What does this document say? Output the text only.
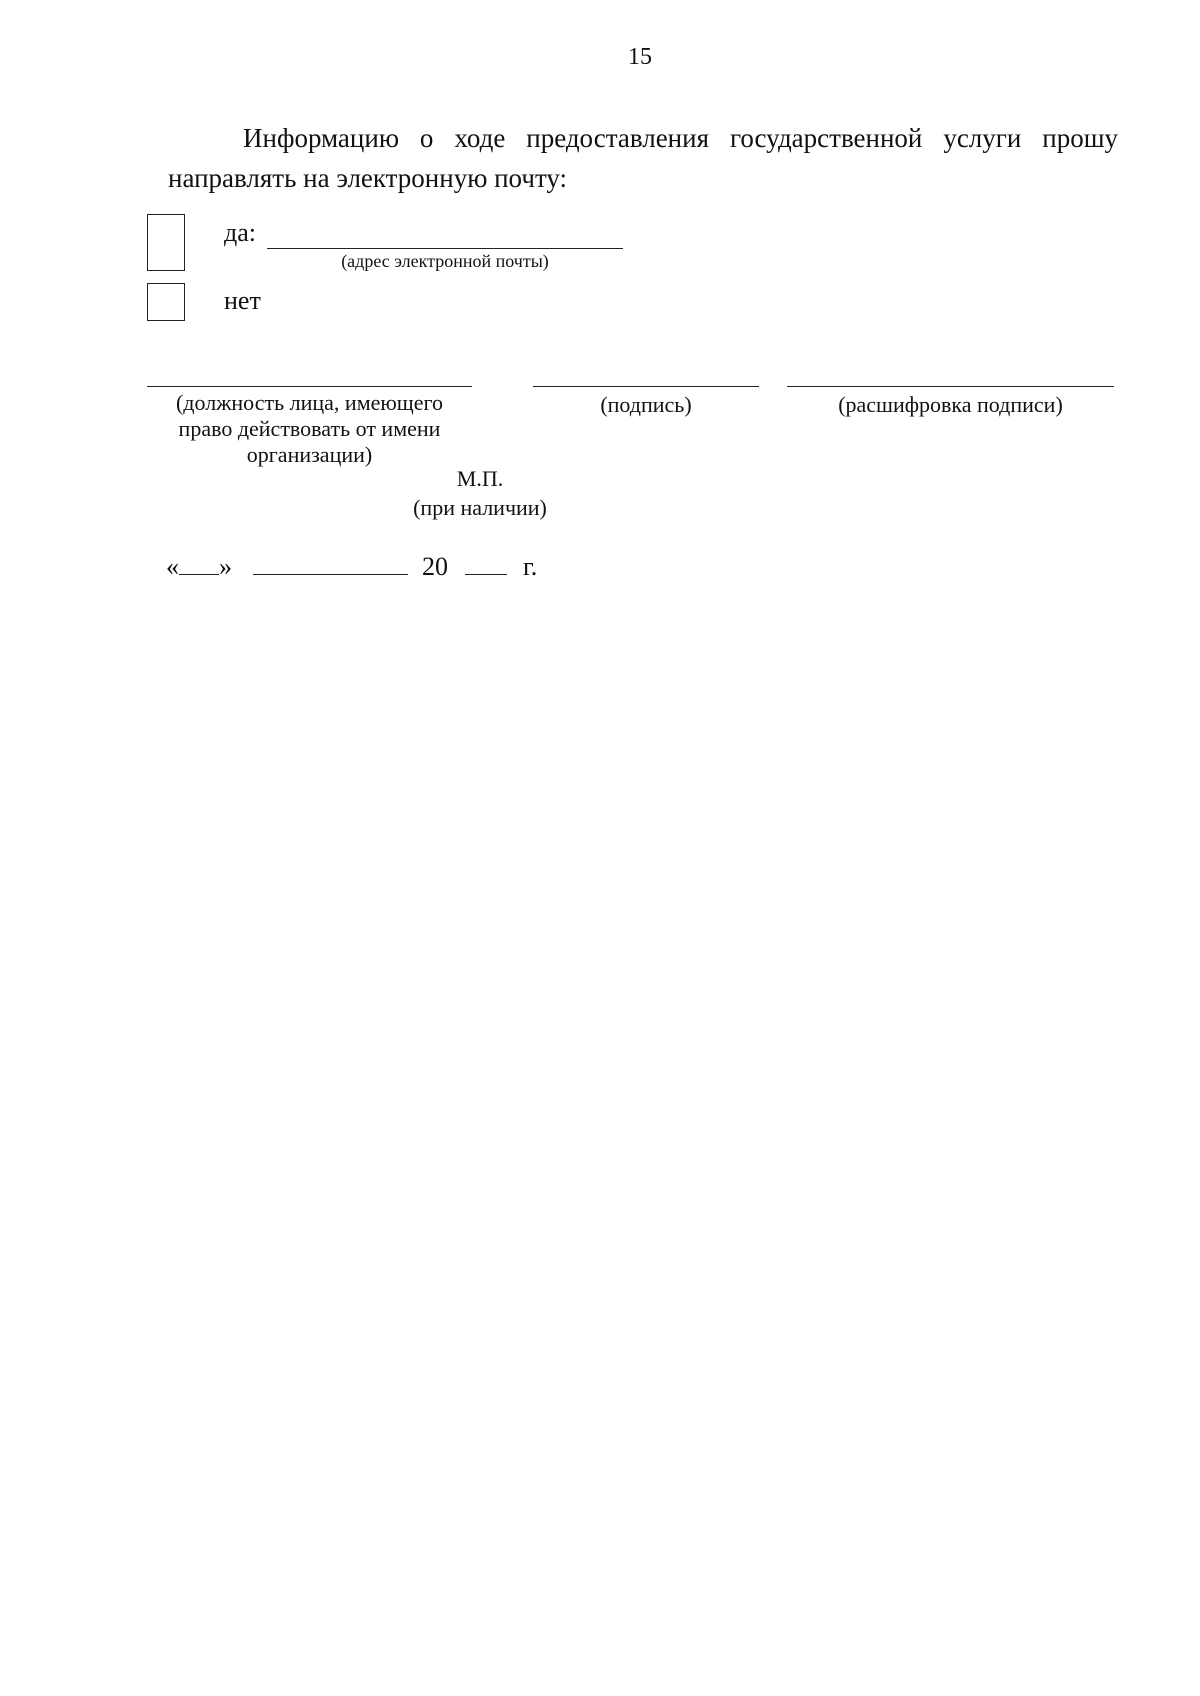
15
Информацию о ходе предоставления государственной услуги прошу
направлять на электронную почту:
да:
(адрес электронной почты)
нет
(должность лица, имеющего
право действовать от имени
организации)
(подпись)	(расшифровка подписи)
М.П.
(при наличии)
« »	20	г.
